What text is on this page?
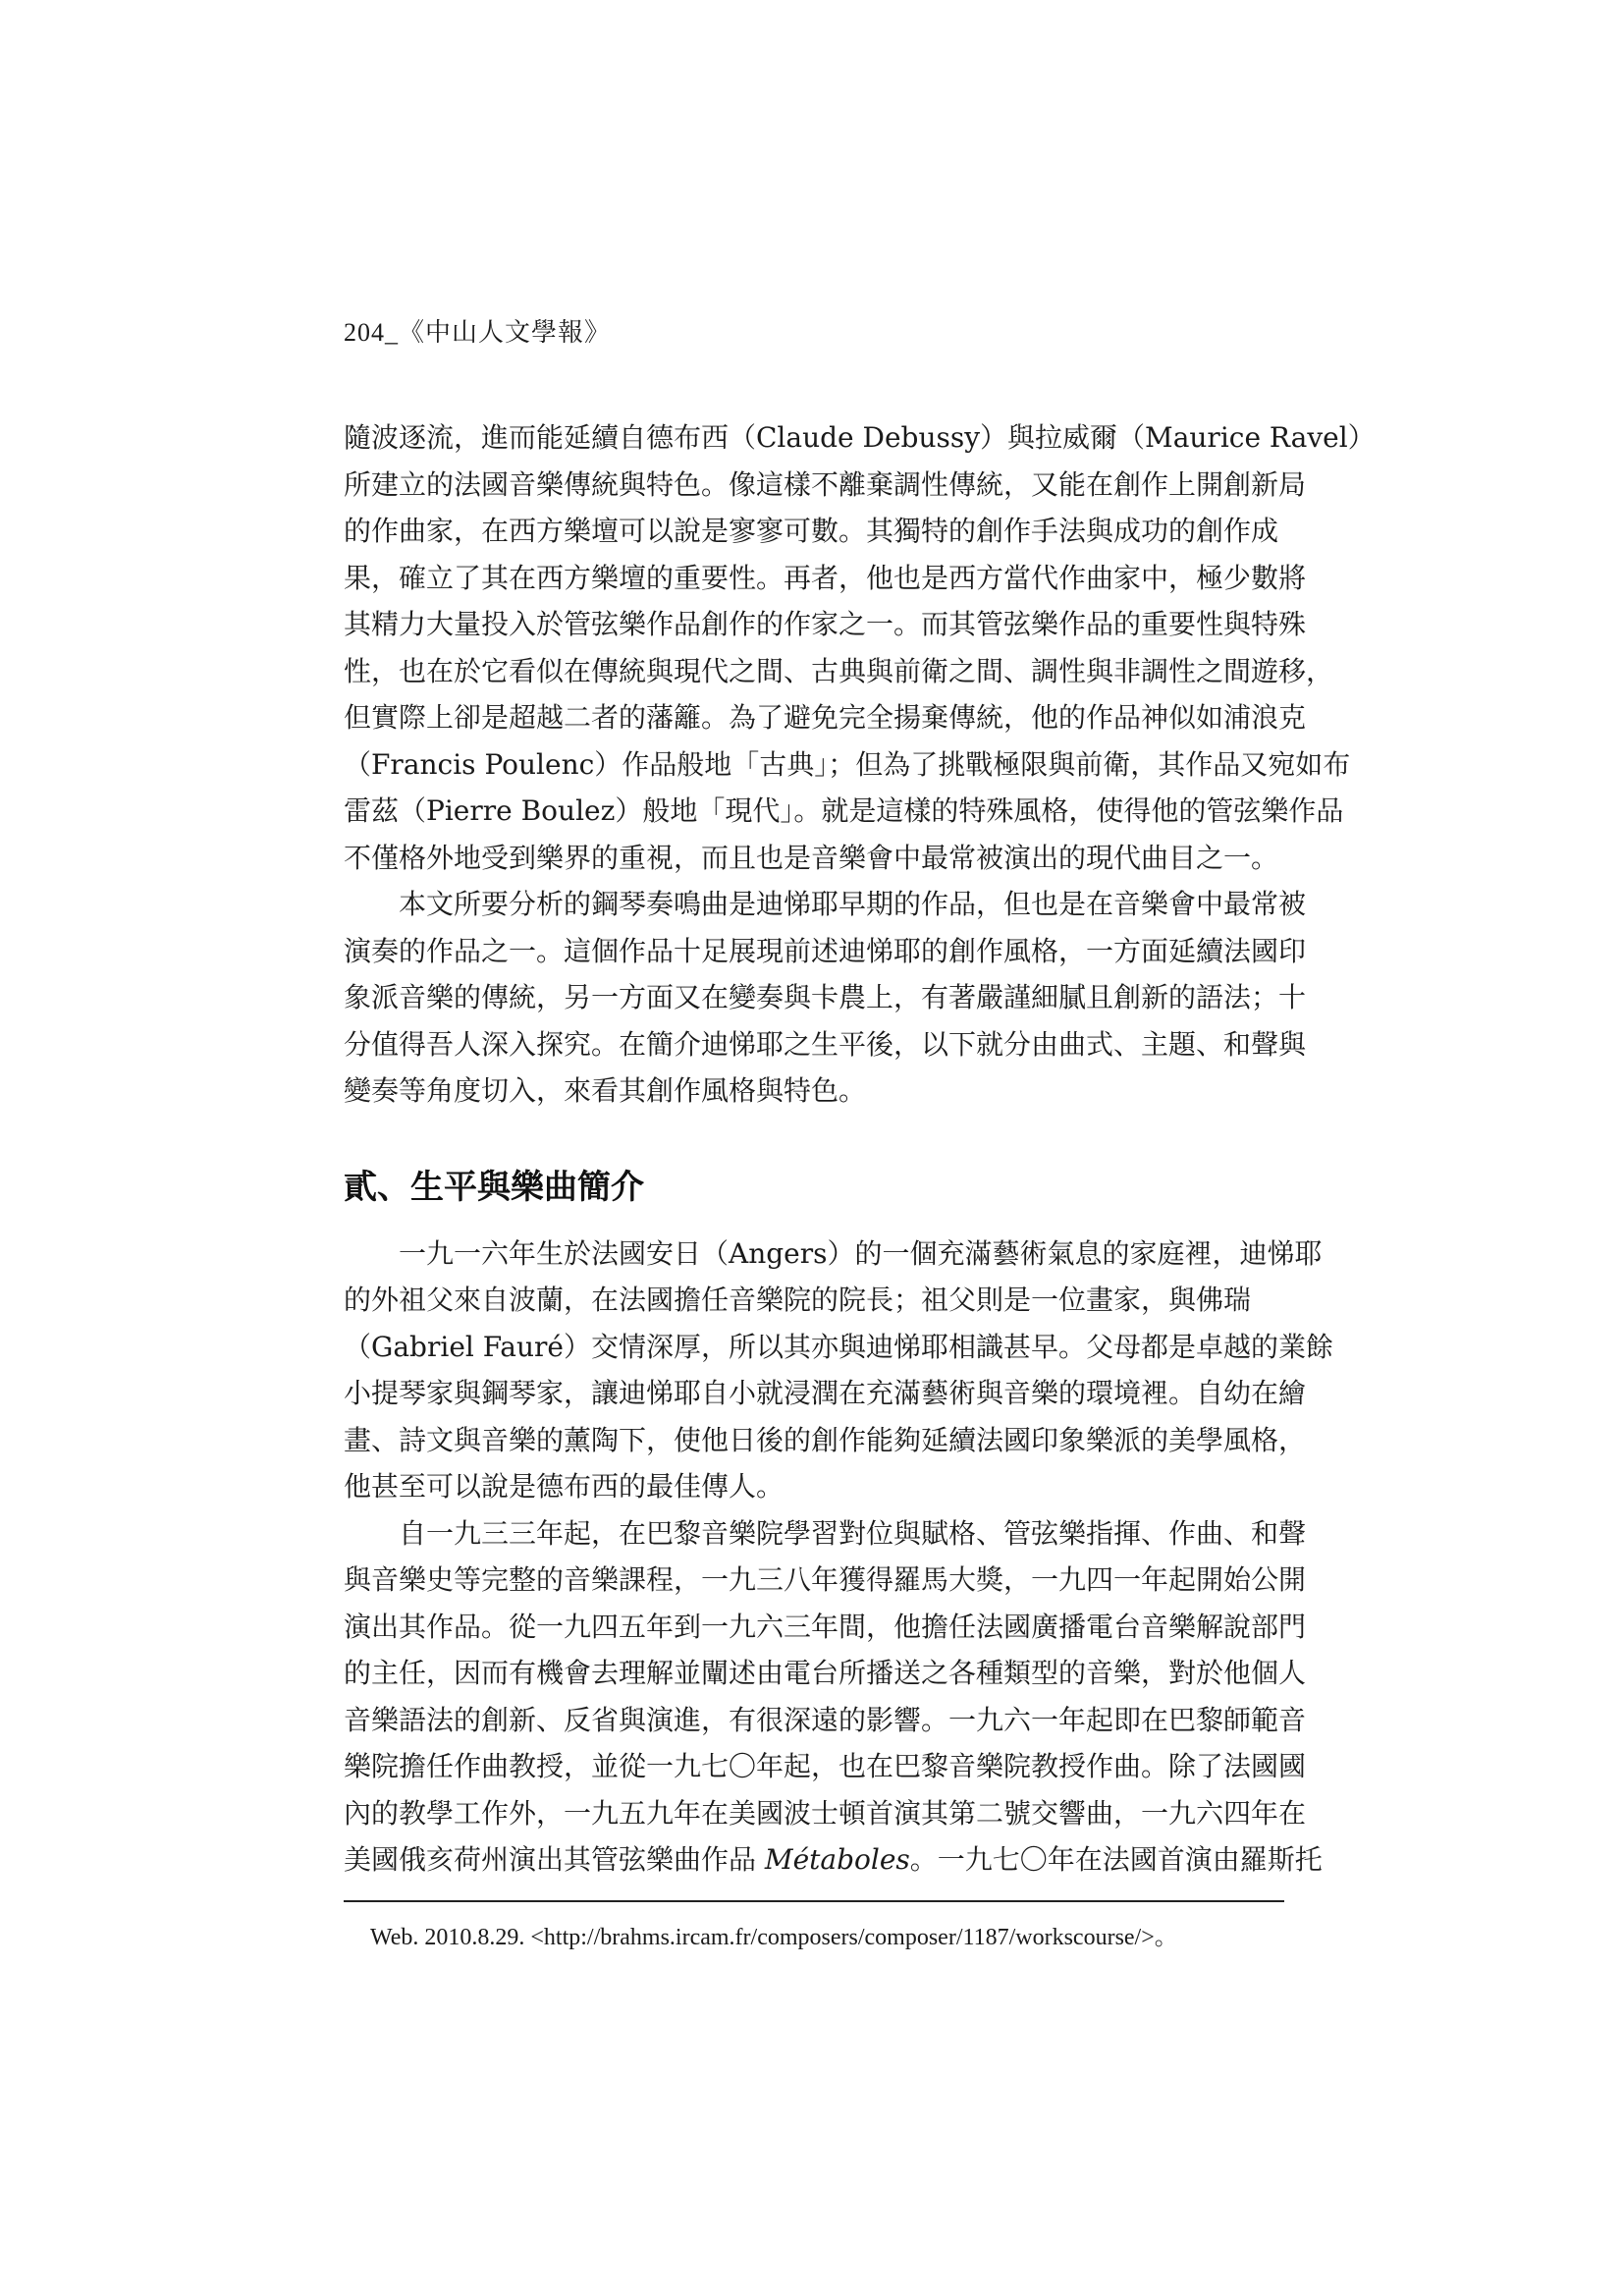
204_《中山人文學報》
隨波逐流，進而能延續自德布西（Claude Debussy）與拉威爾（Maurice Ravel）
所建立的法國音樂傳統與特色。像這樣不離棄調性傳統，又能在創作上開創新局
的作曲家，在西方樂壇可以說是寥寥可數。其獨特的創作手法與成功的創作成
果，確立了其在西方樂壇的重要性。再者，他也是西方當代作曲家中，極少數將
其精力大量投入於管弦樂作品創作的作家之一。而其管弦樂作品的重要性與特殊
性，也在於它看似在傳統與現代之間、古典與前衛之間、調性與非調性之間遊移，
但實際上卻是超越二者的藩籬。為了避免完全揚棄傳統，他的作品神似如浦浪克
（Francis Poulenc）作品般地「古典」；但為了挑戰極限與前衛，其作品又宛如布
雷茲（Pierre Boulez）般地「現代」。就是這樣的特殊風格，使得他的管弦樂作品
不僅格外地受到樂界的重視，而且也是音樂會中最常被演出的現代曲目之一。
　　本文所要分析的鋼琴奏鳴曲是迪悌耶早期的作品，但也是在音樂會中最常被
演奏的作品之一。這個作品十足展現前述迪悌耶的創作風格，一方面延續法國印
象派音樂的傳統，另一方面又在變奏與卡農上，有著嚴謹細膩且創新的語法；十
分值得吾人深入探究。在簡介迪悌耶之生平後，以下就分由曲式、主題、和聲與
變奏等角度切入，來看其創作風格與特色。
貳、生平與樂曲簡介
　　一九一六年生於法國安日（Angers）的一個充滿藝術氣息的家庭裡，迪悌耶
的外祖父來自波蘭，在法國擔任音樂院的院長；祖父則是一位畫家，與佛瑞
（Gabriel Fauré）交情深厚，所以其亦與迪悌耶相識甚早。父母都是卓越的業餘
小提琴家與鋼琴家，讓迪悌耶自小就浸潤在充滿藝術與音樂的環境裡。自幼在繪
畫、詩文與音樂的薰陶下，使他日後的創作能夠延續法國印象樂派的美學風格，
他甚至可以說是德布西的最佳傳人。
　　自一九三三年起，在巴黎音樂院學習對位與賦格、管弦樂指揮、作曲、和聲
與音樂史等完整的音樂課程，一九三八年獲得羅馬大獎，一九四一年起開始公開
演出其作品。從一九四五年到一九六三年間，他擔任法國廣播電台音樂解說部門
的主任，因而有機會去理解並闡述由電台所播送之各種類型的音樂，對於他個人
音樂語法的創新、反省與演進，有很深遠的影響。一九六一年起即在巴黎師範音
樂院擔任作曲教授，並從一九七〇年起，也在巴黎音樂院教授作曲。除了法國國
內的教學工作外，一九五九年在美國波士頓首演其第二號交響曲，一九六四年在
美國俄亥荷州演出其管弦樂曲作品 Métaboles。一九七〇年在法國首演由羅斯托
Web. 2010.8.29. <http://brahms.ircam.fr/composers/composer/1187/workscourse/>。
